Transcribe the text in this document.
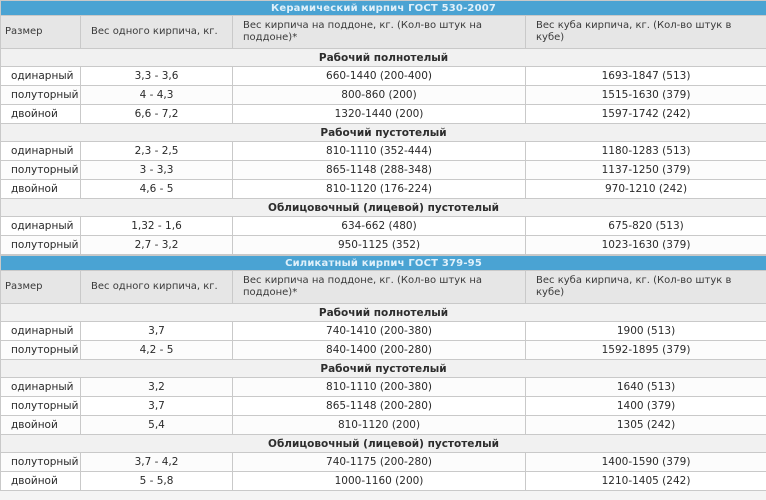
Керамический кирпич ГОСТ 530-2007			
Размер	Вес одного кирпича, кг.	Вес кирпича на поддоне, кг. (Кол-во штук на поддоне)*	Вес куба кирпича, кг. (Кол-во штук в кубе)
Рабочий полнотелый			
одинарный	3,3 - 3,6	660-1440 (200-400)	1693-1847 (513)
полуторный	4 - 4,3	800-860 (200)	1515-1630 (379)
двойной	6,6 - 7,2	1320-1440 (200)	1597-1742 (242)
Рабочий пустотелый			
одинарный	2,3 - 2,5	810-1110 (352-444)	1180-1283 (513)
полуторный	3 - 3,3	865-1148 (288-348)	1137-1250 (379)
двойной	4,6 - 5	810-1120 (176-224)	970-1210 (242)
Облицовочный (лицевой) пустотелый			
одинарный	1,32 - 1,6	634-662 (480)	675-820 (513)
полуторный	2,7 - 3,2	950-1125 (352)	1023-1630 (379)
Силикатный кирпич ГОСТ 379-95			
Размер	Вес одного кирпича, кг.	Вес кирпича на поддоне, кг. (Кол-во штук на поддоне)*	Вес куба кирпича, кг. (Кол-во штук в кубе)
Рабочий полнотелый			
одинарный	3,7	740-1410 (200-380)	1900 (513)
полуторный	4,2 - 5	840-1400 (200-280)	1592-1895 (379)
Рабочий пустотелый			
одинарный	3,2	810-1110 (200-380)	1640 (513)
полуторный	3,7	865-1148 (200-280)	1400 (379)
двойной	5,4	810-1120 (200)	1305 (242)
Облицовочный (лицевой) пустотелый			
полуторный	3,7 - 4,2	740-1175 (200-280)	1400-1590 (379)
двойной	5 - 5,8	1000-1160 (200)	1210-1405 (242)
